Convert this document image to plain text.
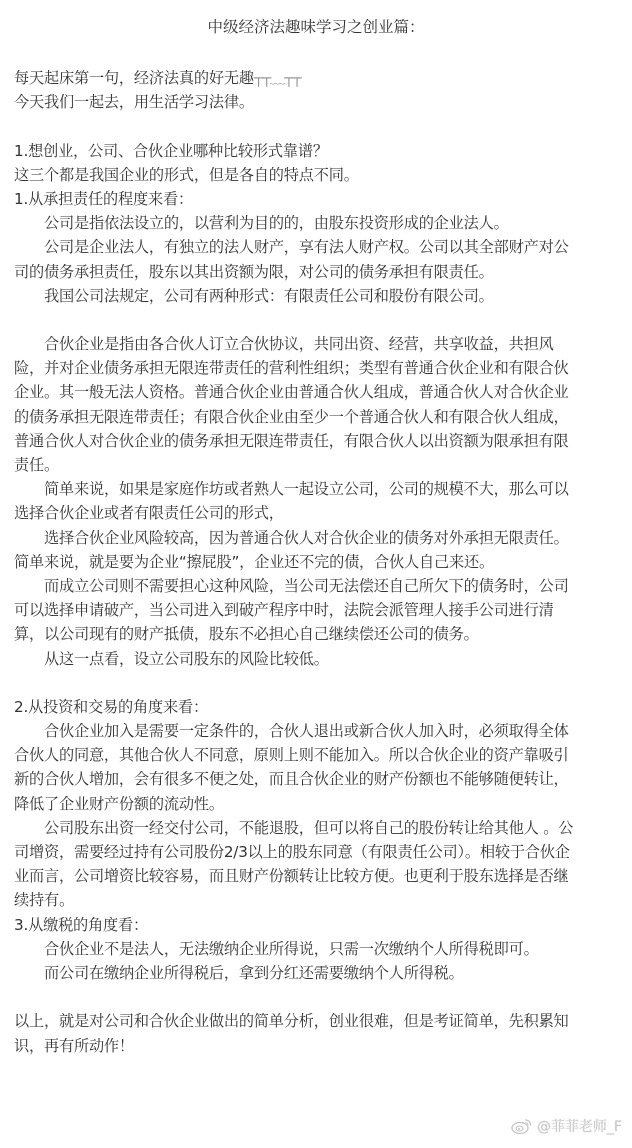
中级经济法趣味学习之创业篇：
每天起床第一句，经济法真的好无趣┬┬﹏┬┬
今天我们一起去，用生活学习法律。
1.想创业，公司、合伙企业哪种比较形式靠谱？
这三个都是我国企业的形式，但是各自的特点不同。
1.从承担责任的程度来看：
公司是指依法设立的，以营利为目的的，由股东投资形成的企业法人。
公司是企业法人，有独立的法人财产，享有法人财产权。公司以其全部财产对公
司的债务承担责任，股东以其出资额为限，对公司的债务承担有限责任。
我国公司法规定，公司有两种形式：有限责任公司和股份有限公司。
合伙企业是指由各合伙人订立合伙协议，共同出资、经营，共享收益，共担风
险，并对企业债务承担无限连带责任的营利性组织；类型有普通合伙企业和有限合伙
企业。其一般无法人资格。普通合伙企业由普通合伙人组成，普通合伙人对合伙企业
的债务承担无限连带责任；有限合伙企业由至少一个普通合伙人和有限合伙人组成，
普通合伙人对合伙企业的债务承担无限连带责任，有限合伙人以出资额为限承担有限
责任。
简单来说，如果是家庭作坊或者熟人一起设立公司，公司的规模不大，那么可以
选择合伙企业或者有限责任公司的形式，
选择合伙企业风险较高，因为普通合伙人对合伙企业的债务对外承担无限责任。
简单来说，就是要为企业“擦屁股”，企业还不完的债，合伙人自己来还。
而成立公司则不需要担心这种风险，当公司无法偿还自己所欠下的债务时，公司
可以选择申请破产，当公司进入到破产程序中时，法院会派管理人接手公司进行清
算，以公司现有的财产抵债，股东不必担心自己继续偿还公司的债务。
从这一点看，设立公司股东的风险比较低。
2.从投资和交易的角度来看：
合伙企业加入是需要一定条件的，合伙人退出或新合伙人加入时，必须取得全体
合伙人的同意，其他合伙人不同意，原则上则不能加入。所以合伙企业的资产靠吸引
新的合伙人增加，会有很多不便之处，而且合伙企业的财产份额也不能够随便转让，
降低了企业财产份额的流动性。
公司股东出资一经交付公司，不能退股，但可以将自己的股份转让给其他人 。公
司增资，需要经过持有公司股份2/3以上的股东同意（有限责任公司）。相较于合伙企
业而言，公司增资比较容易，而且财产份额转让比较方便。也更利于股东选择是否继
续持有。
3.从缴税的角度看：
合伙企业不是法人，无法缴纳企业所得说，只需一次缴纳个人所得税即可。
而公司在缴纳企业所得税后，拿到分红还需要缴纳个人所得税。
以上，就是对公司和合伙企业做出的简单分析，创业很难，但是考证简单，先积累知
识，再有所动作！
@菲菲老师_F
